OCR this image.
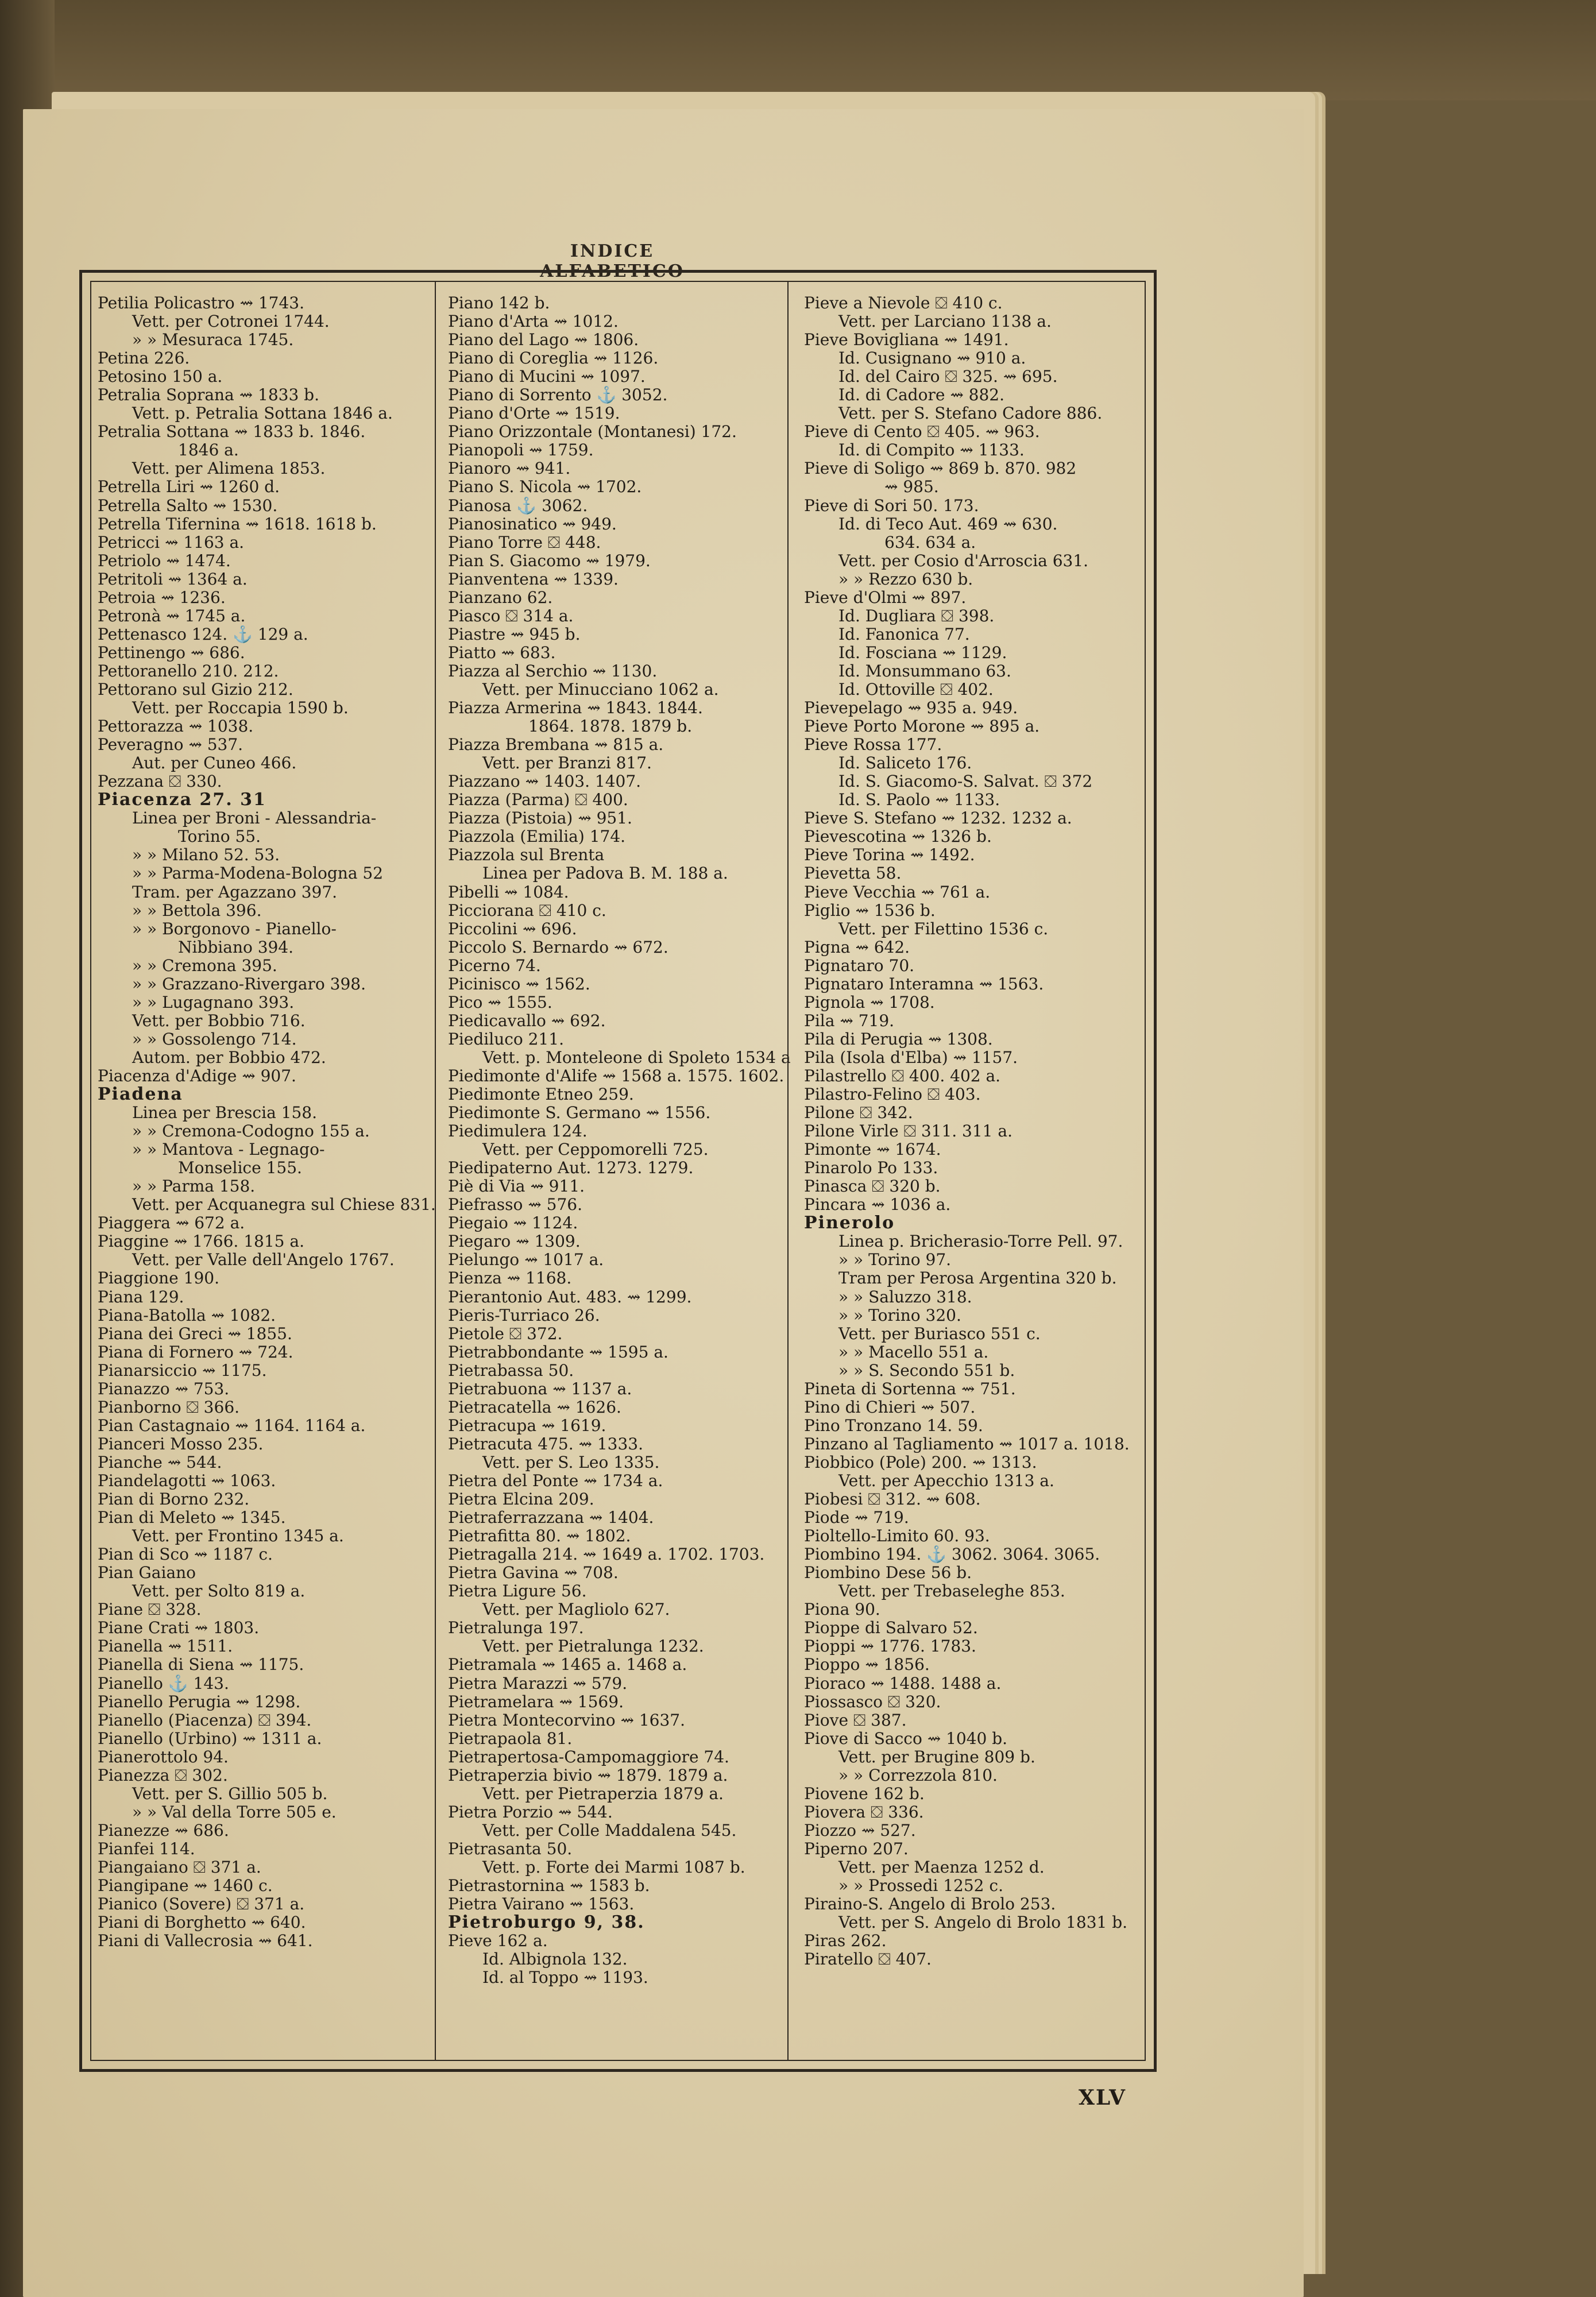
INDICE ALFABETICO
Petilia Policastro ⇝ 1743.
Vett. per Cotronei 1744.
» » Mesuraca 1745.
Petina 226.
Petosino 150 a.
Petralia Soprana ⇝ 1833 b.
Vett. p. Petralia Sottana 1846 a.
Petralia Sottana ⇝ 1833 b. 1846.
1846 a.
Vett. per Alimena 1853.
Petrella Liri ⇝ 1260 d.
Petrella Salto ⇝ 1530.
Petrella Tifernina ⇝ 1618. 1618 b.
Petricci ⇝ 1163 a.
Petriolo ⇝ 1474.
Petritoli ⇝ 1364 a.
Petroia ⇝ 1236.
Petronà ⇝ 1745 a.
Pettenasco 124. ⚓ 129 a.
Pettinengo ⇝ 686.
Pettoranello 210. 212.
Pettorano sul Gizio 212.
Vett. per Roccapia 1590 b.
Pettorazza ⇝ 1038.
Peveragno ⇝ 537.
Aut. per Cuneo 466.
Pezzana ⛋ 330.
Piacenza 27. 31
Linea per Broni - Alessandria-
Torino 55.
» » Milano 52. 53.
» » Parma-Modena-Bologna 52
Tram. per Agazzano 397.
» » Bettola 396.
» » Borgonovo - Pianello-
Nibbiano 394.
» » Cremona 395.
» » Grazzano-Rivergaro 398.
» » Lugagnano 393.
Vett. per Bobbio 716.
» » Gossolengo 714.
Autom. per Bobbio 472.
Piacenza d'Adige ⇝ 907.
Piadena
Linea per Brescia 158.
» » Cremona-Codogno 155 a.
» » Mantova - Legnago-
Monselice 155.
» » Parma 158.
Vett. per Acquanegra sul Chiese 831.
Piaggera ⇝ 672 a.
Piaggine ⇝ 1766. 1815 a.
Vett. per Valle dell'Angelo 1767.
Piaggione 190.
Piana 129.
Piana-Batolla ⇝ 1082.
Piana dei Greci ⇝ 1855.
Piana di Fornero ⇝ 724.
Pianarsiccio ⇝ 1175.
Pianazzo ⇝ 753.
Pianborno ⛋ 366.
Pian Castagnaio ⇝ 1164. 1164 a.
Pianceri Mosso 235.
Pianche ⇝ 544.
Piandelagotti ⇝ 1063.
Pian di Borno 232.
Pian di Meleto ⇝ 1345.
Vett. per Frontino 1345 a.
Pian di Sco ⇝ 1187 c.
Pian Gaiano
Vett. per Solto 819 a.
Piane ⛋ 328.
Piane Crati ⇝ 1803.
Pianella ⇝ 1511.
Pianella di Siena ⇝ 1175.
Pianello ⚓ 143.
Pianello Perugia ⇝ 1298.
Pianello (Piacenza) ⛋ 394.
Pianello (Urbino) ⇝ 1311 a.
Pianerottolo 94.
Pianezza ⛋ 302.
Vett. per S. Gillio 505 b.
» » Val della Torre 505 e.
Pianezze ⇝ 686.
Pianfei 114.
Piangaiano ⛋ 371 a.
Piangipane ⇝ 1460 c.
Pianico (Sovere) ⛋ 371 a.
Piani di Borghetto ⇝ 640.
Piani di Vallecrosia ⇝ 641.
Piano 142 b.
Piano d'Arta ⇝ 1012.
Piano del Lago ⇝ 1806.
Piano di Coreglia ⇝ 1126.
Piano di Mucini ⇝ 1097.
Piano di Sorrento ⚓ 3052.
Piano d'Orte ⇝ 1519.
Piano Orizzontale (Montanesi) 172.
Pianopoli ⇝ 1759.
Pianoro ⇝ 941.
Piano S. Nicola ⇝ 1702.
Pianosa ⚓ 3062.
Pianosinatico ⇝ 949.
Piano Torre ⛋ 448.
Pian S. Giacomo ⇝ 1979.
Pianventena ⇝ 1339.
Pianzano 62.
Piasco ⛋ 314 a.
Piastre ⇝ 945 b.
Piatto ⇝ 683.
Piazza al Serchio ⇝ 1130.
Vett. per Minucciano 1062 a.
Piazza Armerina ⇝ 1843. 1844.
1864. 1878. 1879 b.
Piazza Brembana ⇝ 815 a.
Vett. per Branzi 817.
Piazzano ⇝ 1403. 1407.
Piazza (Parma) ⛋ 400.
Piazza (Pistoia) ⇝ 951.
Piazzola (Emilia) 174.
Piazzola sul Brenta
Linea per Padova B. M. 188 a.
Pibelli ⇝ 1084.
Picciorana ⛋ 410 c.
Piccolini ⇝ 696.
Piccolo S. Bernardo ⇝ 672.
Picerno 74.
Picinisco ⇝ 1562.
Pico ⇝ 1555.
Piedicavallo ⇝ 692.
Piediluco 211.
Vett. p. Monteleone di Spoleto 1534 a
Piedimonte d'Alife ⇝ 1568 a. 1575. 1602.
Piedimonte Etneo 259.
Piedimonte S. Germano ⇝ 1556.
Piedimulera 124.
Vett. per Ceppomorelli 725.
Piedipaterno Aut. 1273. 1279.
Piè di Via ⇝ 911.
Piefrasso ⇝ 576.
Piegaio ⇝ 1124.
Piegaro ⇝ 1309.
Pielungo ⇝ 1017 a.
Pienza ⇝ 1168.
Pierantonio Aut. 483. ⇝ 1299.
Pieris-Turriaco 26.
Pietole ⛋ 372.
Pietrabbondante ⇝ 1595 a.
Pietrabassa 50.
Pietrabuona ⇝ 1137 a.
Pietracatella ⇝ 1626.
Pietracupa ⇝ 1619.
Pietracuta 475. ⇝ 1333.
Vett. per S. Leo 1335.
Pietra del Ponte ⇝ 1734 a.
Pietra Elcina 209.
Pietraferrazzana ⇝ 1404.
Pietrafitta 80. ⇝ 1802.
Pietragalla 214. ⇝ 1649 a. 1702. 1703.
Pietra Gavina ⇝ 708.
Pietra Ligure 56.
Vett. per Magliolo 627.
Pietralunga 197.
Vett. per Pietralunga 1232.
Pietramala ⇝ 1465 a. 1468 a.
Pietra Marazzi ⇝ 579.
Pietramelara ⇝ 1569.
Pietra Montecorvino ⇝ 1637.
Pietrapaola 81.
Pietrapertosa-Campomaggiore 74.
Pietraperzia bivio ⇝ 1879. 1879 a.
Vett. per Pietraperzia 1879 a.
Pietra Porzio ⇝ 544.
Vett. per Colle Maddalena 545.
Pietrasanta 50.
Vett. p. Forte dei Marmi 1087 b.
Pietrastornina ⇝ 1583 b.
Pietra Vairano ⇝ 1563.
Pietroburgo 9, 38.
Pieve 162 a.
Id. Albignola 132.
Id. al Toppo ⇝ 1193.
Pieve a Nievole ⛋ 410 c.
Vett. per Larciano 1138 a.
Pieve Bovigliana ⇝ 1491.
Id. Cusignano ⇝ 910 a.
Id. del Cairo ⛋ 325. ⇝ 695.
Id. di Cadore ⇝ 882.
Vett. per S. Stefano Cadore 886.
Pieve di Cento ⛋ 405. ⇝ 963.
Id. di Compito ⇝ 1133.
Pieve di Soligo ⇝ 869 b. 870. 982
⇝ 985.
Pieve di Sori 50. 173.
Id. di Teco Aut. 469 ⇝ 630.
634. 634 a.
Vett. per Cosio d'Arroscia 631.
» » Rezzo 630 b.
Pieve d'Olmi ⇝ 897.
Id. Dugliara ⛋ 398.
Id. Fanonica 77.
Id. Fosciana ⇝ 1129.
Id. Monsummano 63.
Id. Ottoville ⛋ 402.
Pievepelago ⇝ 935 a. 949.
Pieve Porto Morone ⇝ 895 a.
Pieve Rossa 177.
Id. Saliceto 176.
Id. S. Giacomo-S. Salvat. ⛋ 372
Id. S. Paolo ⇝ 1133.
Pieve S. Stefano ⇝ 1232. 1232 a.
Pievescotina ⇝ 1326 b.
Pieve Torina ⇝ 1492.
Pievetta 58.
Pieve Vecchia ⇝ 761 a.
Piglio ⇝ 1536 b.
Vett. per Filettino 1536 c.
Pigna ⇝ 642.
Pignataro 70.
Pignataro Interamna ⇝ 1563.
Pignola ⇝ 1708.
Pila ⇝ 719.
Pila di Perugia ⇝ 1308.
Pila (Isola d'Elba) ⇝ 1157.
Pilastrello ⛋ 400. 402 a.
Pilastro-Felino ⛋ 403.
Pilone ⛋ 342.
Pilone Virle ⛋ 311. 311 a.
Pimonte ⇝ 1674.
Pinarolo Po 133.
Pinasca ⛋ 320 b.
Pincara ⇝ 1036 a.
Pinerolo
Linea p. Bricherasio-Torre Pell. 97.
» » Torino 97.
Tram per Perosa Argentina 320 b.
» » Saluzzo 318.
» » Torino 320.
Vett. per Buriasco 551 c.
» » Macello 551 a.
» » S. Secondo 551 b.
Pineta di Sortenna ⇝ 751.
Pino di Chieri ⇝ 507.
Pino Tronzano 14. 59.
Pinzano al Tagliamento ⇝ 1017 a. 1018.
Piobbico (Pole) 200. ⇝ 1313.
Vett. per Apecchio 1313 a.
Piobesi ⛋ 312. ⇝ 608.
Piode ⇝ 719.
Pioltello-Limito 60. 93.
Piombino 194. ⚓ 3062. 3064. 3065.
Piombino Dese 56 b.
Vett. per Trebaseleghe 853.
Piona 90.
Pioppe di Salvaro 52.
Pioppi ⇝ 1776. 1783.
Pioppo ⇝ 1856.
Pioraco ⇝ 1488. 1488 a.
Piossasco ⛋ 320.
Piove ⛋ 387.
Piove di Sacco ⇝ 1040 b.
Vett. per Brugine 809 b.
» » Correzzola 810.
Piovene 162 b.
Piovera ⛋ 336.
Piozzo ⇝ 527.
Piperno 207.
Vett. per Maenza 1252 d.
» » Prossedi 1252 c.
Piraino-S. Angelo di Brolo 253.
Vett. per S. Angelo di Brolo 1831 b.
Piras 262.
Piratello ⛋ 407.
XLV
